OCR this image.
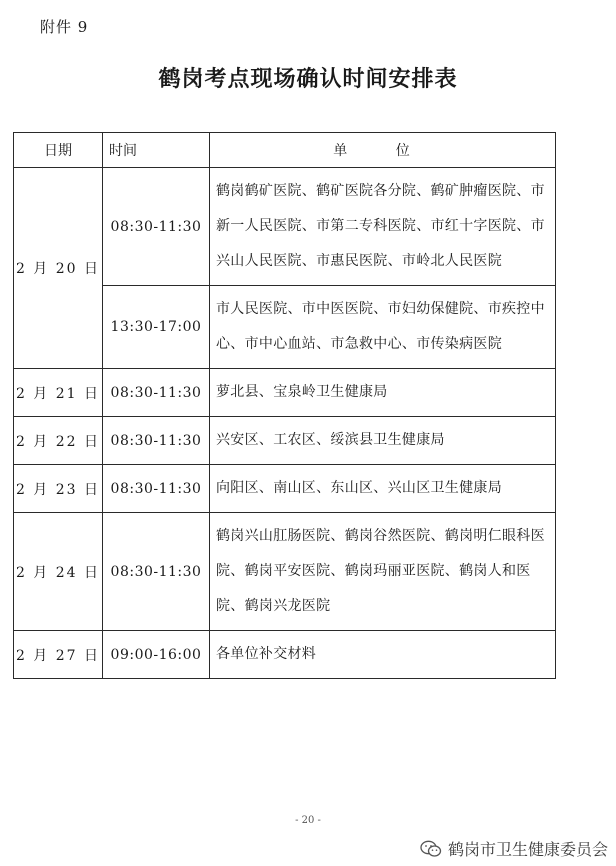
附件 9
鹤岗考点现场确认时间安排表
日期	时间	单 位
2 月 20 日	08:30-11:30	鹤岗鹤矿医院、鹤矿医院各分院、鹤矿肿瘤医院、市新一人民医院、市第二专科医院、市红十字医院、市兴山人民医院、市惠民医院、市岭北人民医院
	13:30-17:00	市人民医院、市中医医院、市妇幼保健院、市疾控中心、市中心血站、市急救中心、市传染病医院
2 月 21 日	08:30-11:30	萝北县、宝泉岭卫生健康局
2 月 22 日	08:30-11:30	兴安区、工农区、绥滨县卫生健康局
2 月 23 日	08:30-11:30	向阳区、南山区、东山区、兴山区卫生健康局
2 月 24 日	08:30-11:30	鹤岗兴山肛肠医院、鹤岗谷然医院、鹤岗明仁眼科医院、鹤岗平安医院、鹤岗玛丽亚医院、鹤岗人和医院、鹤岗兴龙医院
2 月 27 日	09:00-16:00	各单位补交材料
- 20 -
鹤岗市卫生健康委员会
